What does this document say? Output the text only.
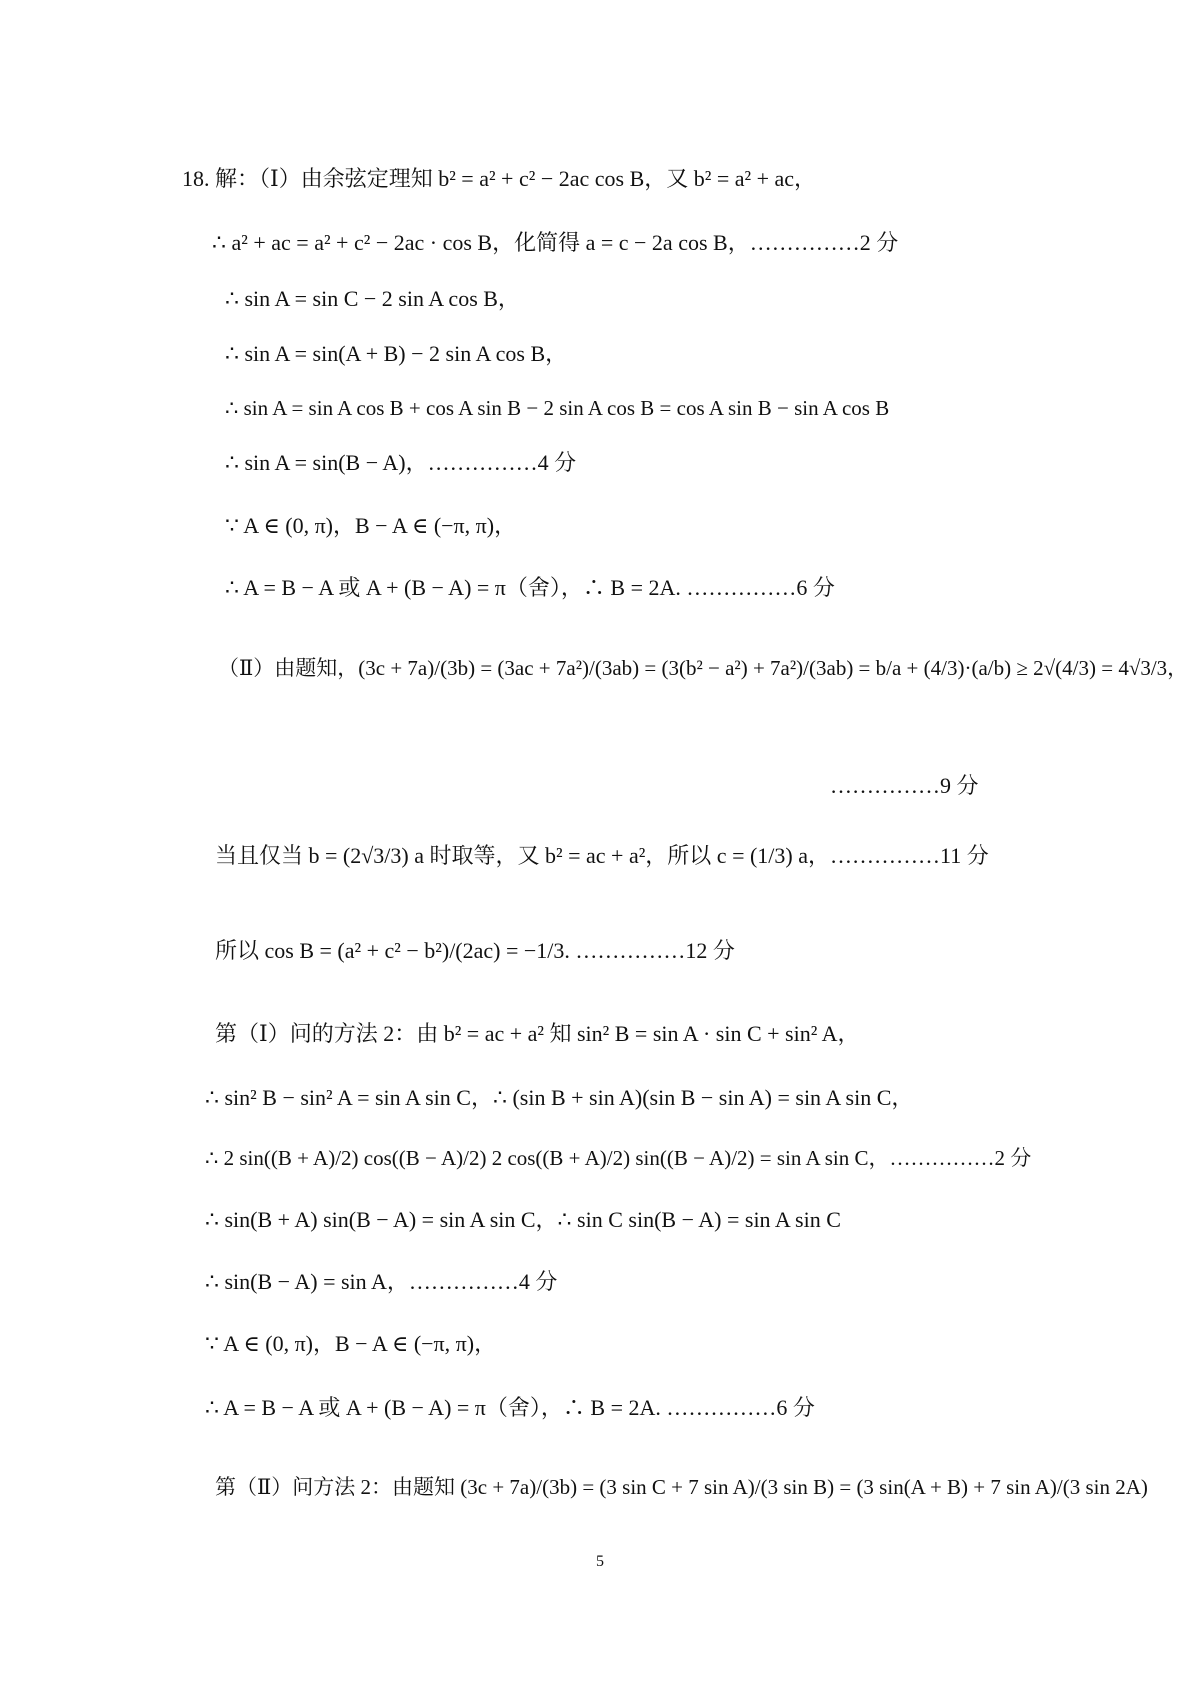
18. 解：（Ⅰ）由余弦定理知 b² = a² + c² − 2ac cos B，又 b² = a² + ac，
∴ a² + ac = a² + c² − 2ac · cos B，化简得 a = c − 2a cos B，……………2 分
∴ sin A = sin C − 2 sin A cos B，
∴ sin A = sin(A + B) − 2 sin A cos B，
∴ sin A = sin A cos B + cos A sin B − 2 sin A cos B = cos A sin B − sin A cos B
∴ sin A = sin(B − A)，……………4 分
∵ A ∈ (0, π)，B − A ∈ (−π, π)，
∴ A = B − A 或 A + (B − A) = π（舍），∴ B = 2A. ……………6 分
（Ⅱ）由题知，(3c + 7a)/(3b) = (3ac + 7a²)/(3ab) = (3(b² − a²) + 7a²)/(3ab) = b/a + (4/3)·(a/b) ≥ 2√(4/3) = 4√3/3，
……………9 分
当且仅当 b = (2√3/3) a 时取等，又 b² = ac + a²，所以 c = (1/3) a，……………11 分
所以 cos B = (a² + c² − b²)/(2ac) = −1/3. ……………12 分
第（Ⅰ）问的方法 2：由 b² = ac + a² 知 sin² B = sin A · sin C + sin² A，
∴ sin² B − sin² A = sin A sin C，∴ (sin B + sin A)(sin B − sin A) = sin A sin C，
∴ 2 sin((B + A)/2) cos((B − A)/2) 2 cos((B + A)/2) sin((B − A)/2) = sin A sin C，……………2 分
∴ sin(B + A) sin(B − A) = sin A sin C，∴ sin C sin(B − A) = sin A sin C
∴ sin(B − A) = sin A，……………4 分
∵ A ∈ (0, π)，B − A ∈ (−π, π)，
∴ A = B − A 或 A + (B − A) = π（舍），∴ B = 2A. ……………6 分
第（Ⅱ）问方法 2：由题知 (3c + 7a)/(3b) = (3 sin C + 7 sin A)/(3 sin B) = (3 sin(A + B) + 7 sin A)/(3 sin 2A)
5
